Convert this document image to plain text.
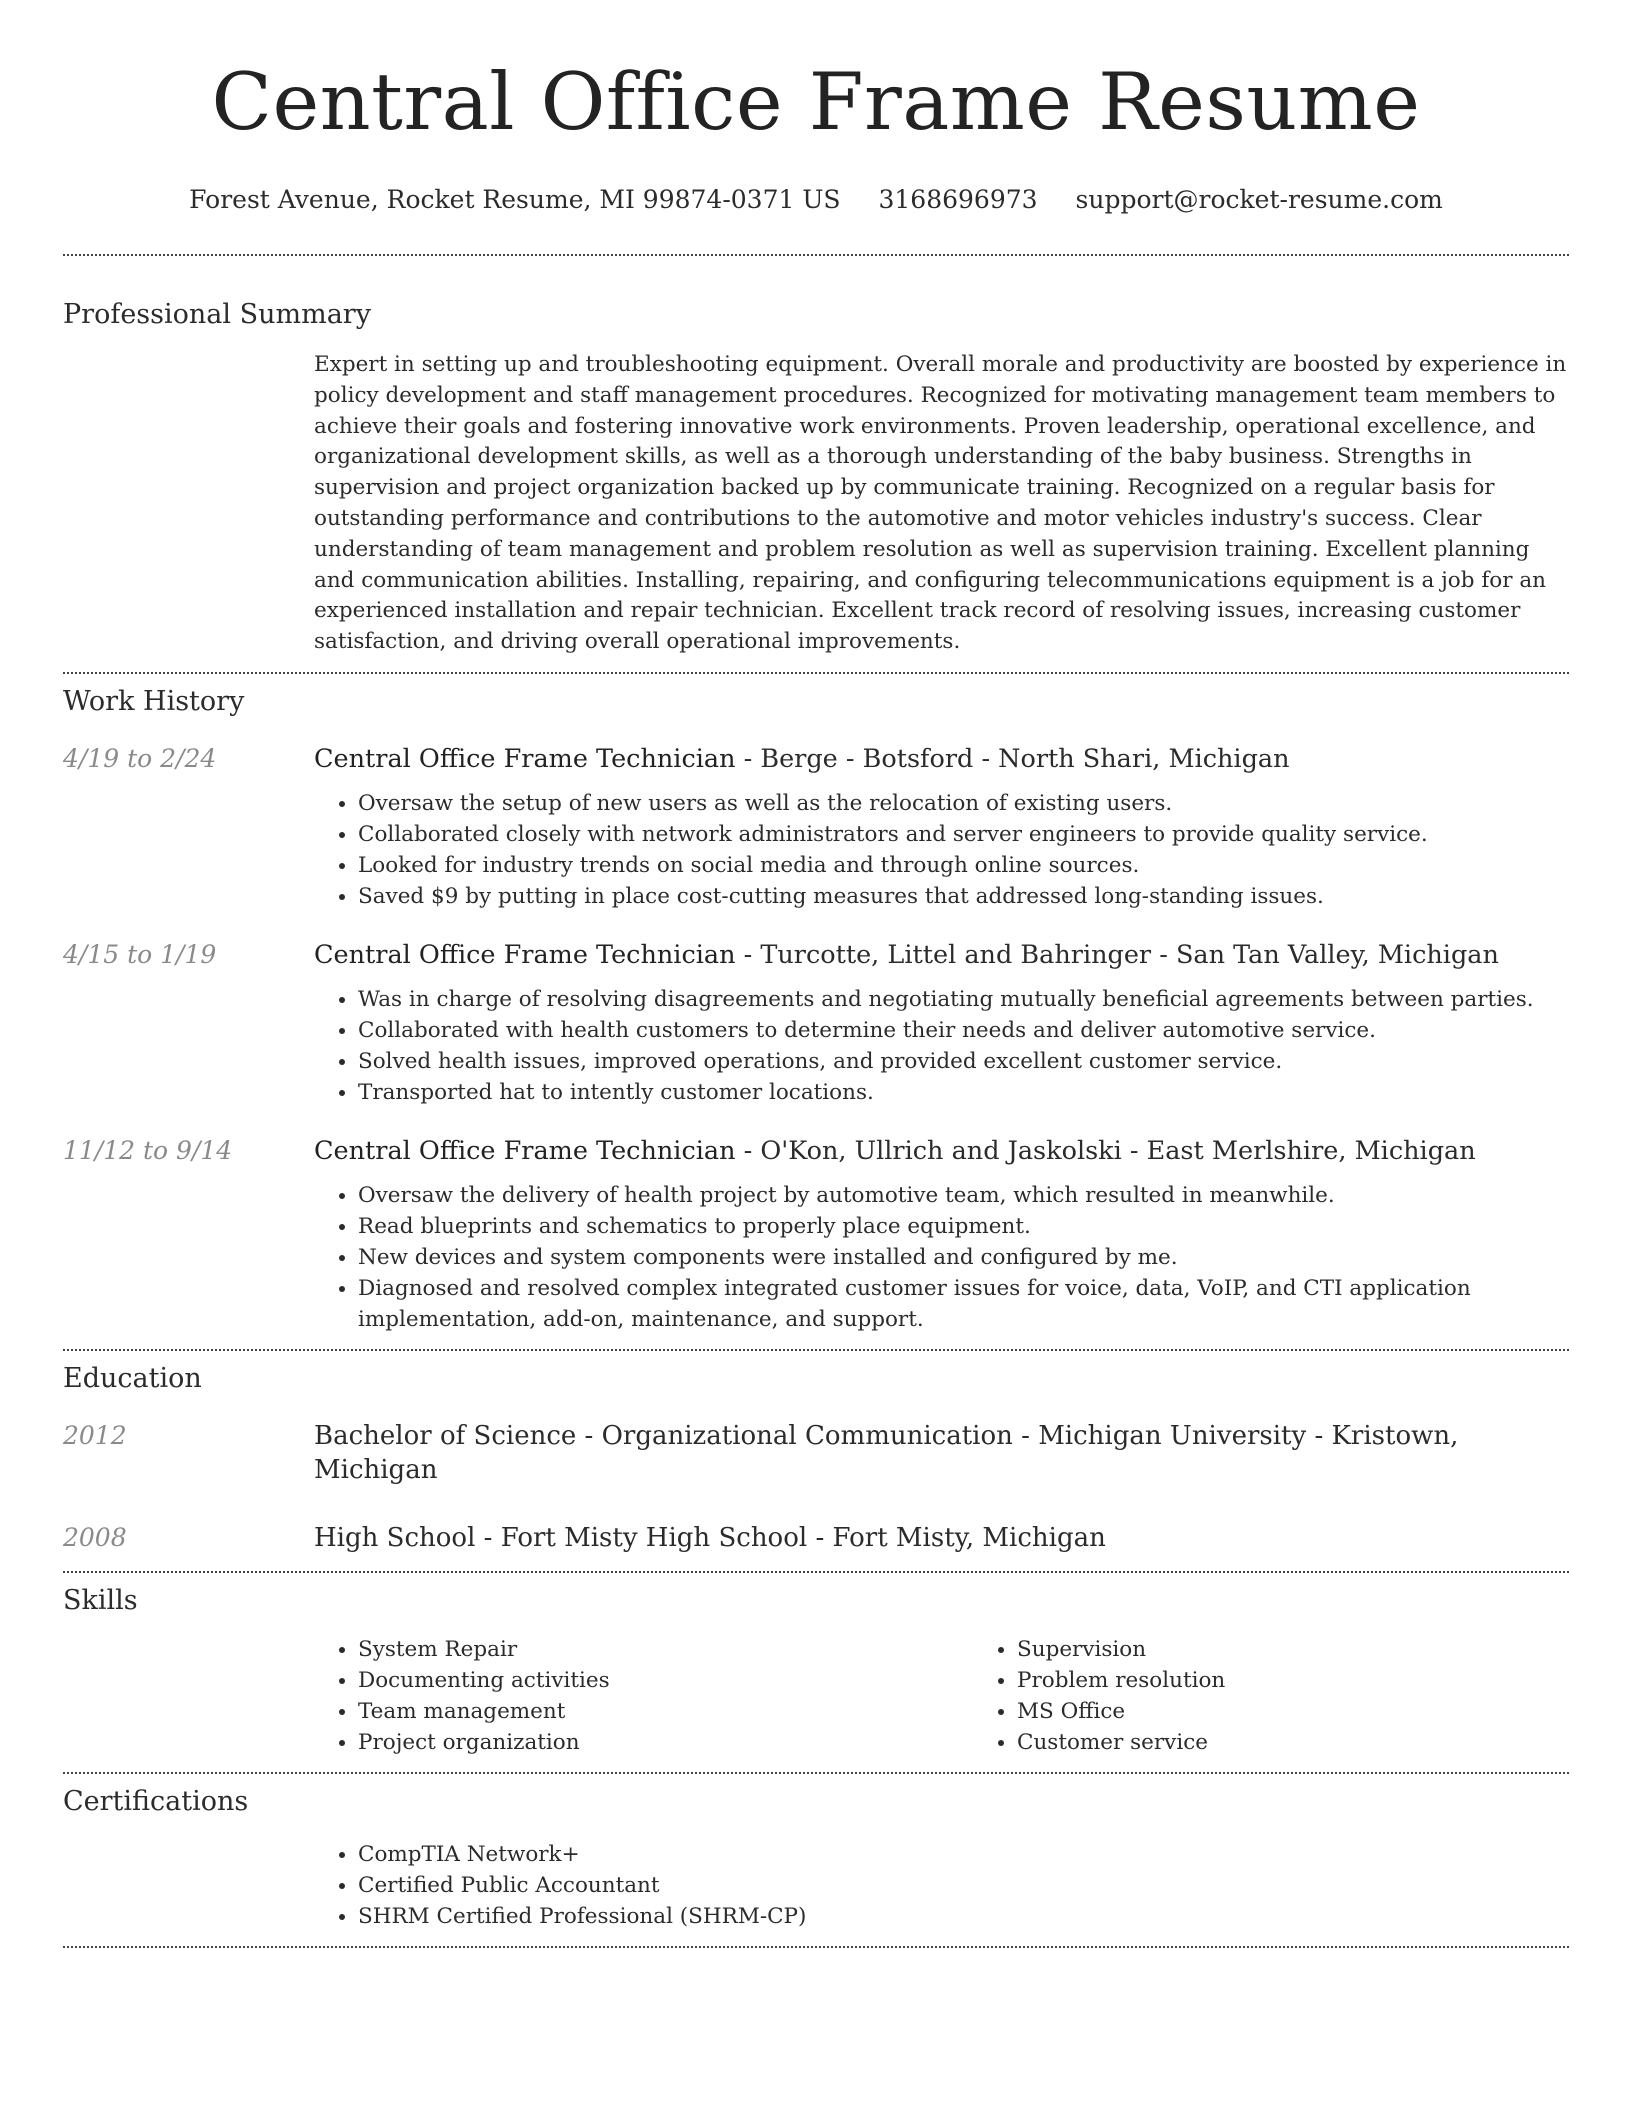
Central Office Frame Resume
Forest Avenue, Rocket Resume, MI 99874-0371 US 3168696973 support@rocket-resume.com
Professional Summary
Expert in setting up and troubleshooting equipment. Overall morale and productivity are boosted by experience in policy development and staff management procedures. Recognized for motivating management team members to achieve their goals and fostering innovative work environments. Proven leadership, operational excellence, and organizational development skills, as well as a thorough understanding of the baby business. Strengths in supervision and project organization backed up by communicate training. Recognized on a regular basis for outstanding performance and contributions to the automotive and motor vehicles industry's success. Clear understanding of team management and problem resolution as well as supervision training. Excellent planning and communication abilities. Installing, repairing, and configuring telecommunications equipment is a job for an experienced installation and repair technician. Excellent track record of resolving issues, increasing customer satisfaction, and driving overall operational improvements.
Work History
4/19 to 2/24	Central Office Frame Technician - Berge - Botsford - North Shari, Michigan
• Oversaw the setup of new users as well as the relocation of existing users.
• Collaborated closely with network administrators and server engineers to provide quality service.
• Looked for industry trends on social media and through online sources.
• Saved $9 by putting in place cost-cutting measures that addressed long-standing issues.
4/15 to 1/19	Central Office Frame Technician - Turcotte, Littel and Bahringer - San Tan Valley, Michigan
• Was in charge of resolving disagreements and negotiating mutually beneficial agreements between parties.
• Collaborated with health customers to determine their needs and deliver automotive service.
• Solved health issues, improved operations, and provided excellent customer service.
• Transported hat to intently customer locations.
11/12 to 9/14	Central Office Frame Technician - O'Kon, Ullrich and Jaskolski - East Merlshire, Michigan
• Oversaw the delivery of health project by automotive team, which resulted in meanwhile.
• Read blueprints and schematics to properly place equipment.
• New devices and system components were installed and configured by me.
• Diagnosed and resolved complex integrated customer issues for voice, data, VoIP, and CTI application implementation, add-on, maintenance, and support.
Education
2012	Bachelor of Science - Organizational Communication - Michigan University - Kristown, Michigan
2008	High School - Fort Misty High School - Fort Misty, Michigan
Skills
• System Repair
• Documenting activities
• Team management
• Project organization
• Supervision
• Problem resolution
• MS Office
• Customer service
Certifications
• CompTIA Network+
• Certified Public Accountant
• SHRM Certified Professional (SHRM-CP)
